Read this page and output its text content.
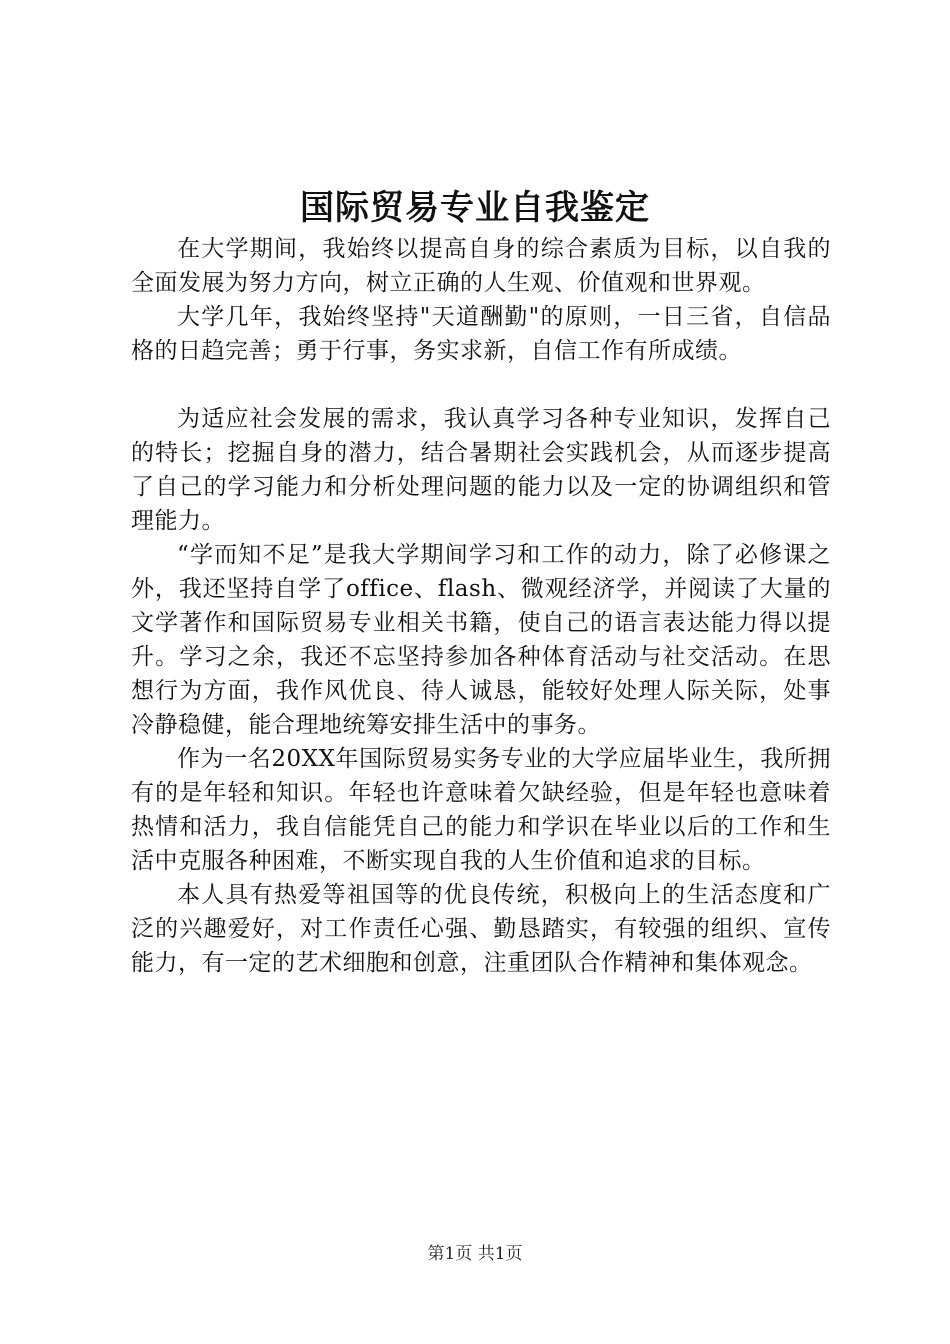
国际贸易专业自我鉴定

在大学期间，我始终以提高自身的综合素质为目标，以自我的全面发展为努力方向，树立正确的人生观、价值观和世界观。

大学几年，我始终坚持"天道酬勤"的原则，一日三省，自信品格的日趋完善；勇于行事，务实求新，自信工作有所成绩。

为适应社会发展的需求，我认真学习各种专业知识，发挥自己的特长；挖掘自身的潜力，结合暑期社会实践机会，从而逐步提高了自己的学习能力和分析处理问题的能力以及一定的协调组织和管理能力。

“学而知不足”是我大学期间学习和工作的动力，除了必修课之外，我还坚持自学了office、flash、微观经济学，并阅读了大量的文学著作和国际贸易专业相关书籍，使自己的语言表达能力得以提升。学习之余，我还不忘坚持参加各种体育活动与社交活动。在思想行为方面，我作风优良、待人诚恳，能较好处理人际关际，处事冷静稳健，能合理地统筹安排生活中的事务。

作为一名20XX年国际贸易实务专业的大学应届毕业生，我所拥有的是年轻和知识。年轻也许意味着欠缺经验，但是年轻也意味着热情和活力，我自信能凭自己的能力和学识在毕业以后的工作和生活中克服各种困难，不断实现自我的人生价值和追求的目标。

本人具有热爱等祖国等的优良传统，积极向上的生活态度和广泛的兴趣爱好，对工作责任心强、勤恳踏实，有较强的组织、宣传能力，有一定的艺术细胞和创意，注重团队合作精神和集体观念。

第1页 共1页
